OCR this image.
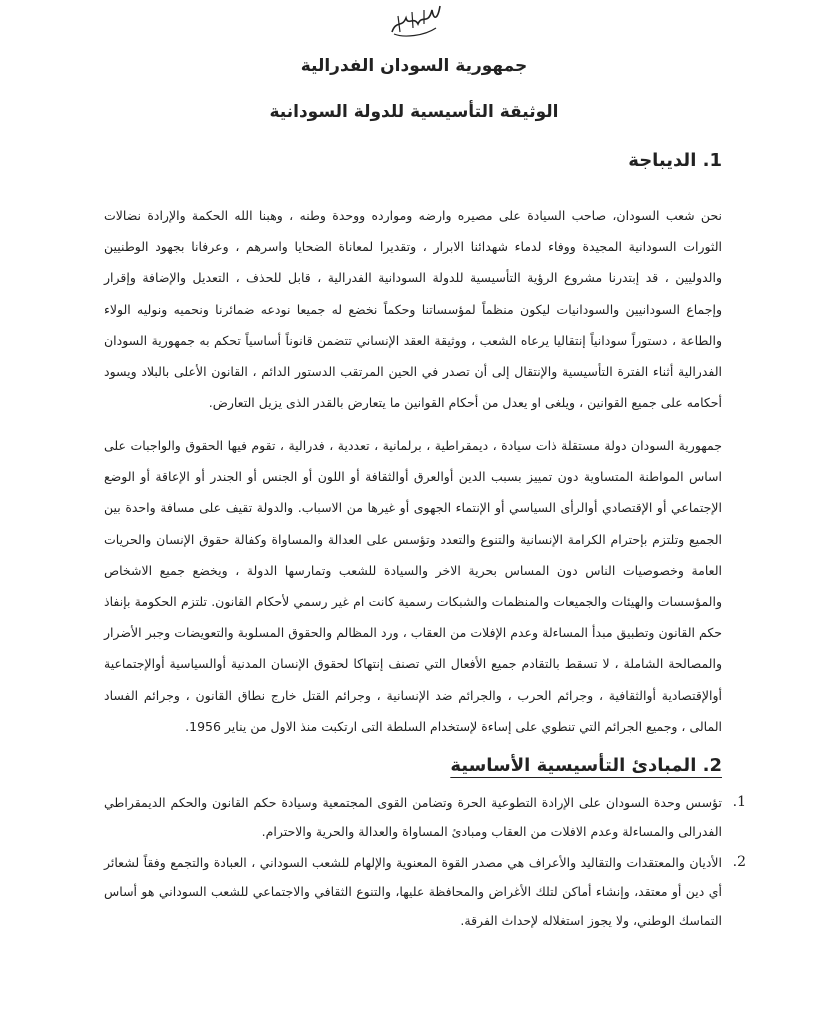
جمهورية السودان الفدرالية
الوثيقة التأسيسية للدولة السودانية
1. الديباجة
نحن شعب السودان، صاحب السيادة على مصيره وارضه وموارده ووحدة وطنه ، وهبنا الله الحكمة والإرادة نضالات الثورات السودانية المجيدة ووفاء لدماء شهدائنا الابرار ، وتقديرا لمعاناة الضحايا واسرهم ، وعرفانا بجهود الوطنيين والدوليين ، قد إبتدرنا مشروع الرؤية التأسيسية للدولة السودانية الفدرالية ، قابل للحذف ، التعديل والإضافة وإقرار وإجماع السودانيين والسودانيات ليكون منظماً لمؤسساتنا وحكماً نخضع له جميعا نودعه ضمائرنا ونحميه ونوليه الولاء والطاعة ، دستوراً سودانياً إنتقاليا يرعاه الشعب ، ووثيقة العقد الإنساني تتضمن قانوناً أساسياً تحكم به جمهورية السودان الفدرالية أثناء الفترة التأسيسية والإنتقال إلى أن تصدر في الحين المرتقب الدستور الدائم ، القانون الأعلى بالبلاد ويسود أحكامه على جميع القوانين ، ويلغى او يعدل من أحكام القوانين ما يتعارض بالقدر الذى يزيل التعارض.
جمهورية السودان دولة مستقلة ذات سيادة ، ديمقراطية ، برلمانية ، تعددية ، فدرالية ، تقوم فيها الحقوق والواجبات على اساس المواطنة المتساوية دون تمييز بسبب الدين أوالعرق أوالثقافة أو اللون أو الجنس أو الجندر أو الإعاقة أو الوضع الإجتماعي أو الإقتصادي أوالرأى السياسي أو الإنتماء الجهوى أو غيرها من الاسباب. والدولة تقيف على مسافة واحدة بين الجميع وتلتزم بإحترام الكرامة الإنسانية والتنوع والتعدد وتؤسس على العدالة والمساواة وكفالة حقوق الإنسان والحريات العامة وخصوصيات الناس دون المساس بحرية الاخر والسيادة للشعب وتمارسها الدولة ، ويخضع جميع الاشخاص والمؤسسات والهيئات والجميعات والمنظمات والشبكات رسمية كانت ام غير رسمي لأحكام القانون. تلتزم الحكومة بإنفاذ حكم القانون وتطبيق مبدأ المساءلة وعدم الإفلات من العقاب ، ورد المظالم والحقوق المسلوبة والتعويضات وجبر الأضرار والمصالحة الشاملة ، لا تسقط بالتقادم جميع الأفعال التي تصنف إنتهاكا لحقوق الإنسان المدنية أوالسياسية أوالإجتماعية أوالإقتصادية أوالثقافية ، وجرائم الحرب ، والجرائم ضد الإنسانية ، وجرائم القتل خارج نطاق القانون ، وجرائم الفساد المالى ، وجميع الجرائم التي تنطوي على إساءة لإستخدام السلطة التى ارتكبت منذ الاول من يناير 1956.
2. المبادئ التأسيسية الأساسية
1.
تؤسس وحدة السودان على الإرادة التطوعية الحرة وتضامن القوى المجتمعية وسيادة حكم القانون والحكم الديمقراطي الفدرالى والمساءلة وعدم الافلات من العقاب ومبادئ المساواة والعدالة والحرية والاحترام.
2.
الأديان والمعتقدات والتقاليد والأعراف هي مصدر القوة المعنوية والإلهام للشعب السوداني ، العبادة والتجمع وفقاً لشعائر أي دين أو معتقد، وإنشاء أماكن لتلك الأغراض والمحافظة عليها، والتنوع الثقافي والاجتماعي للشعب السوداني هو أساس التماسك الوطني، ولا يجوز استغلاله لإحداث الفرقة.
